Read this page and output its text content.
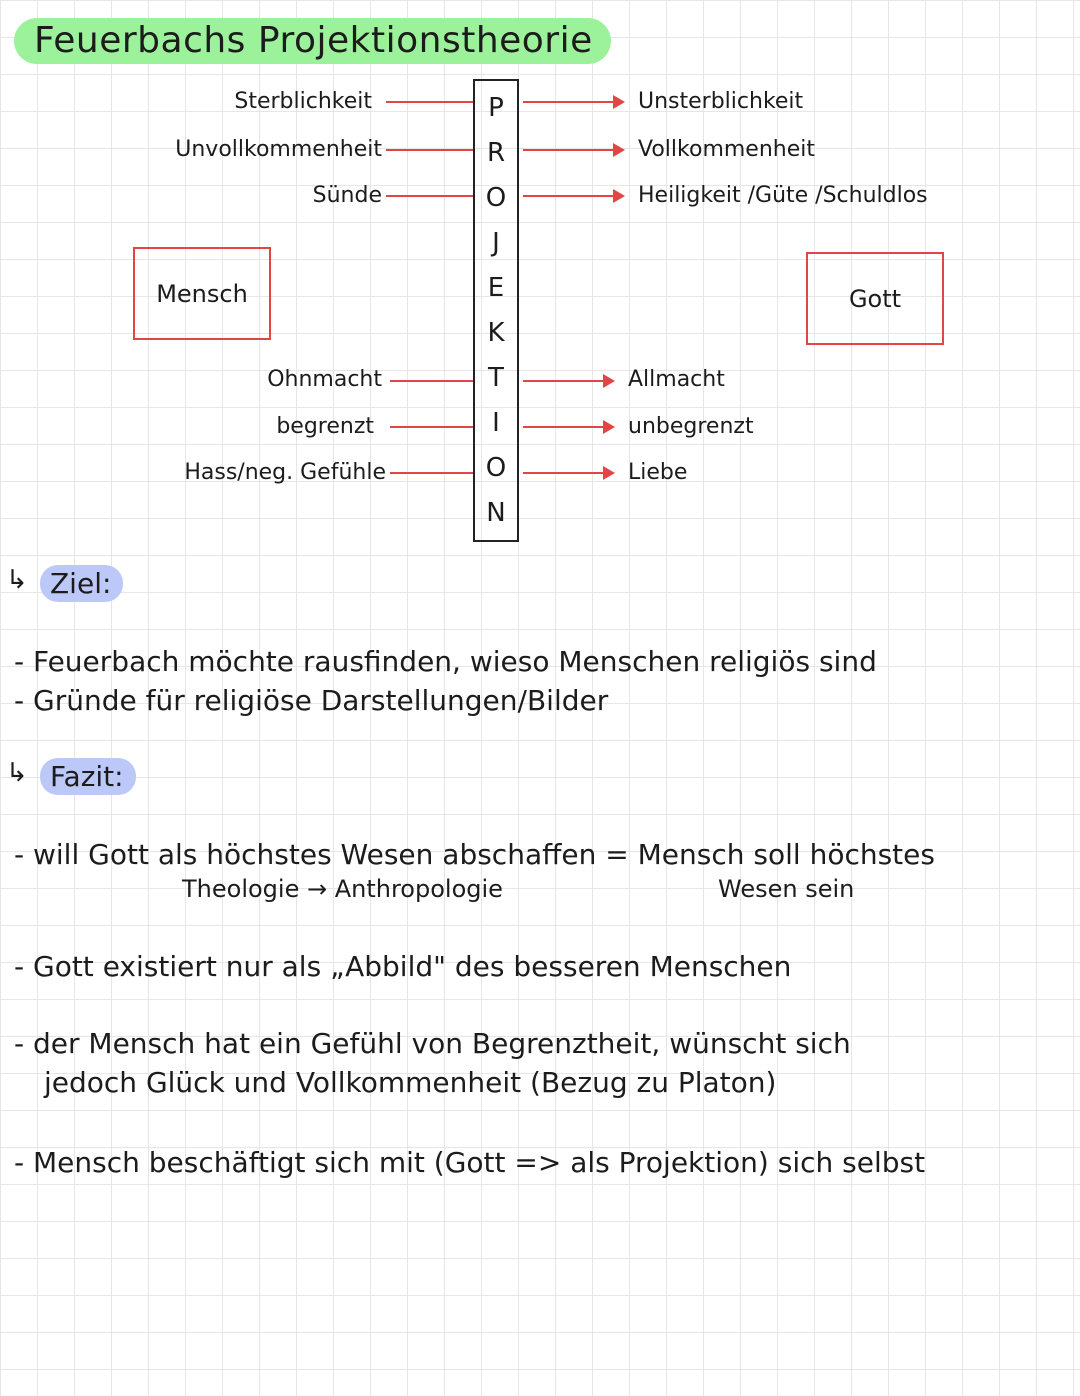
Feuerbachs Projektionstheorie
Sterblichkeit
Unvollkommenheit
Sünde
Unsterblichkeit
Vollkommenheit
Heiligkeit /Güte /Schuldlos
Mensch	Gott
P
R
O
J
E
K
T
I
O
N
Ohnmacht
begrenzt
Hass/neg. Gefühle
Allmacht
unbegrenzt
Liebe
↳ Ziel:
- Feuerbach möchte rausfinden, wieso Menschen religiös sind
- Gründe für religiöse Darstellungen/Bilder
↳ Fazit:
- will Gott als höchstes Wesen abschaffen = Mensch soll höchstes
Theologie → Anthropologie	Wesen sein
- Gott existiert nur als „Abbild" des besseren Menschen
- der Mensch hat ein Gefühl von Begrenztheit, wünscht sich
jedoch Glück und Vollkommenheit (Bezug zu Platon)
- Mensch beschäftigt sich mit (Gott => als Projektion) sich selbst
